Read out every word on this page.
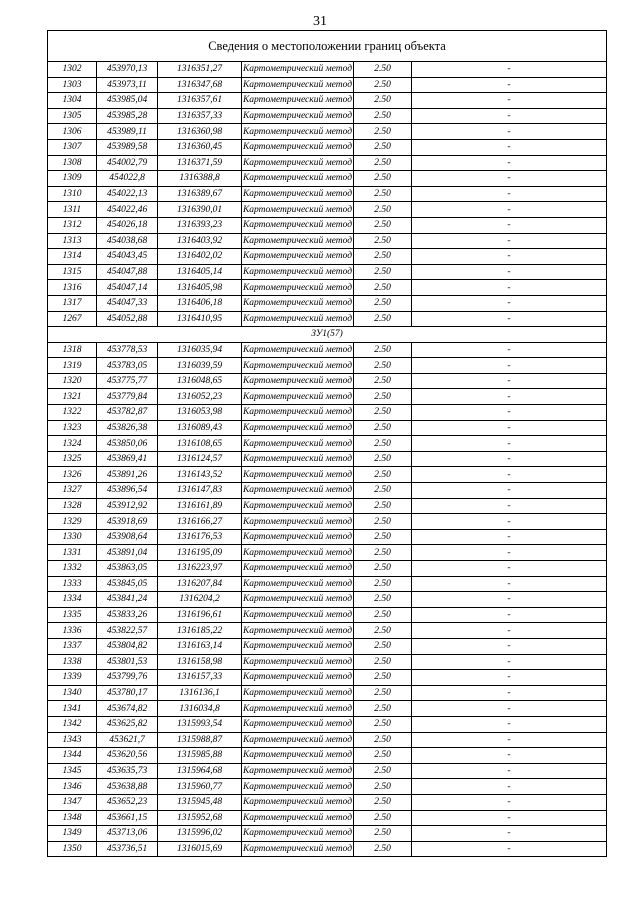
31
Сведения о местоположении границ объекта					
1302	453970,13	1316351,27	Картометрический метод	2.50	-
1303	453973,11	1316347,68	Картометрический метод	2.50	-
1304	453985,04	1316357,61	Картометрический метод	2.50	-
1305	453985,28	1316357,33	Картометрический метод	2.50	-
1306	453989,11	1316360,98	Картометрический метод	2.50	-
1307	453989,58	1316360,45	Картометрический метод	2.50	-
1308	454002,79	1316371,59	Картометрический метод	2.50	-
1309	454022,8	1316388,8	Картометрический метод	2.50	-
1310	454022,13	1316389,67	Картометрический метод	2.50	-
1311	454022,46	1316390,01	Картометрический метод	2.50	-
1312	454026,18	1316393,23	Картометрический метод	2.50	-
1313	454038,68	1316403,92	Картометрический метод	2.50	-
1314	454043,45	1316402,02	Картометрический метод	2.50	-
1315	454047,88	1316405,14	Картометрический метод	2.50	-
1316	454047,14	1316405,98	Картометрический метод	2.50	-
1317	454047,33	1316406,18	Картометрический метод	2.50	-
1267	454052,88	1316410,95	Картометрический метод	2.50	-
ЗУ1(57)					
1318	453778,53	1316035,94	Картометрический метод	2.50	-
1319	453783,05	1316039,59	Картометрический метод	2.50	-
1320	453775,77	1316048,65	Картометрический метод	2.50	-
1321	453779,84	1316052,23	Картометрический метод	2.50	-
1322	453782,87	1316053,98	Картометрический метод	2.50	-
1323	453826,38	1316089,43	Картометрический метод	2.50	-
1324	453850,06	1316108,65	Картометрический метод	2.50	-
1325	453869,41	1316124,57	Картометрический метод	2.50	-
1326	453891,26	1316143,52	Картометрический метод	2.50	-
1327	453896,54	1316147,83	Картометрический метод	2.50	-
1328	453912,92	1316161,89	Картометрический метод	2.50	-
1329	453918,69	1316166,27	Картометрический метод	2.50	-
1330	453908,64	1316176,53	Картометрический метод	2.50	-
1331	453891,04	1316195,09	Картометрический метод	2.50	-
1332	453863,05	1316223,97	Картометрический метод	2.50	-
1333	453845,05	1316207,84	Картометрический метод	2.50	-
1334	453841,24	1316204,2	Картометрический метод	2.50	-
1335	453833,26	1316196,61	Картометрический метод	2.50	-
1336	453822,57	1316185,22	Картометрический метод	2.50	-
1337	453804,82	1316163,14	Картометрический метод	2.50	-
1338	453801,53	1316158,98	Картометрический метод	2.50	-
1339	453799,76	1316157,33	Картометрический метод	2.50	-
1340	453780,17	1316136,1	Картометрический метод	2.50	-
1341	453674,82	1316034,8	Картометрический метод	2.50	-
1342	453625,82	1315993,54	Картометрический метод	2.50	-
1343	453621,7	1315988,87	Картометрический метод	2.50	-
1344	453620,56	1315985,88	Картометрический метод	2.50	-
1345	453635,73	1315964,68	Картометрический метод	2.50	-
1346	453638,88	1315960,77	Картометрический метод	2.50	-
1347	453652,23	1315945,48	Картометрический метод	2.50	-
1348	453661,15	1315952,68	Картометрический метод	2.50	-
1349	453713,06	1315996,02	Картометрический метод	2.50	-
1350	453736,51	1316015,69	Картометрический метод	2.50	-
